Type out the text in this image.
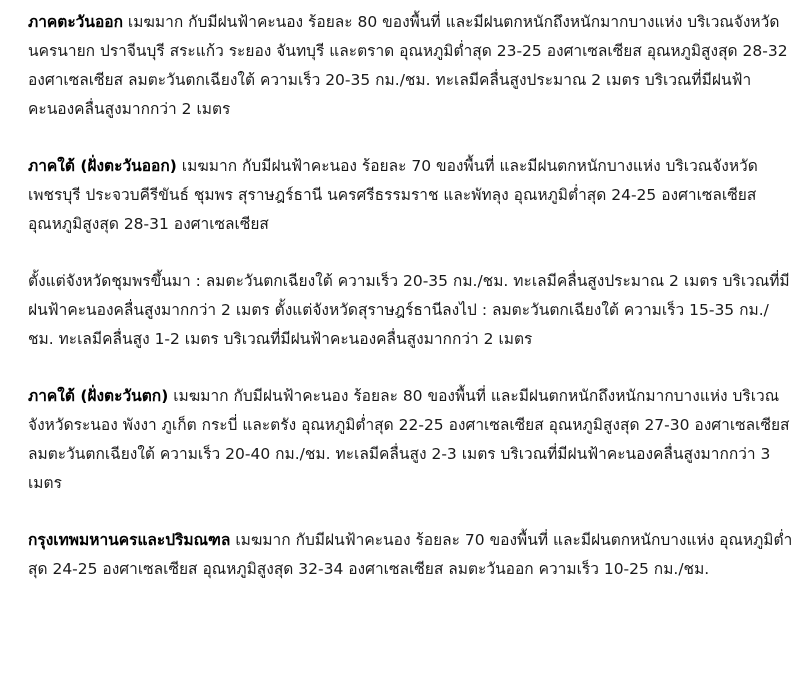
ภาคตะวันออก เมฆมาก กับมีฝนฟ้าคะนอง ร้อยละ 80 ของพื้นที่ และมีฝนตกหนักถึงหนักมากบางแห่ง บริเวณจังหวัดนครนายก ปราจีนบุรี สระแก้ว ระยอง จันทบุรี และตราด อุณหภูมิต่ำสุด 23-25 องศาเซลเซียส อุณหภูมิสูงสุด 28-32 องศาเซลเซียส ลมตะวันตกเฉียงใต้ ความเร็ว 20-35 กม./ชม. ทะเลมีคลื่นสูงประมาณ 2 เมตร บริเวณที่มีฝนฟ้าคะนองคลื่นสูงมากกว่า 2 เมตร

ภาคใต้ (ฝั่งตะวันออก) เมฆมาก กับมีฝนฟ้าคะนอง ร้อยละ 70 ของพื้นที่ และมีฝนตกหนักบางแห่ง บริเวณจังหวัดเพชรบุรี ประจวบคีรีขันธ์ ชุมพร สุราษฎร์ธานี นครศรีธรรมราช และพัทลุง อุณหภูมิต่ำสุด 24-25 องศาเซลเซียส อุณหภูมิสูงสุด 28-31 องศาเซลเซียส

ตั้งแต่จังหวัดชุมพรขึ้นมา : ลมตะวันตกเฉียงใต้ ความเร็ว 20-35 กม./ชม. ทะเลมีคลื่นสูงประมาณ 2 เมตร บริเวณที่มีฝนฟ้าคะนองคลื่นสูงมากกว่า 2 เมตร ตั้งแต่จังหวัดสุราษฎร์ธานีลงไป : ลมตะวันตกเฉียงใต้ ความเร็ว 15-35 กม./ชม. ทะเลมีคลื่นสูง 1-2 เมตร บริเวณที่มีฝนฟ้าคะนองคลื่นสูงมากกว่า 2 เมตร

ภาคใต้ (ฝั่งตะวันตก) เมฆมาก กับมีฝนฟ้าคะนอง ร้อยละ 80 ของพื้นที่ และมีฝนตกหนักถึงหนักมากบางแห่ง บริเวณจังหวัดระนอง พังงา ภูเก็ต กระบี่ และตรัง อุณหภูมิต่ำสุด 22-25 องศาเซลเซียส อุณหภูมิสูงสุด 27-30 องศาเซลเซียส ลมตะวันตกเฉียงใต้ ความเร็ว 20-40 กม./ชม. ทะเลมีคลื่นสูง 2-3 เมตร บริเวณที่มีฝนฟ้าคะนองคลื่นสูงมากกว่า 3 เมตร

กรุงเทพมหานครและปริมณฑล เมฆมาก กับมีฝนฟ้าคะนอง ร้อยละ 70 ของพื้นที่ และมีฝนตกหนักบางแห่ง อุณหภูมิต่ำสุด 24-25 องศาเซลเซียส อุณหภูมิสูงสุด 32-34 องศาเซลเซียส ลมตะวันออก ความเร็ว 10-25 กม./ชม.
